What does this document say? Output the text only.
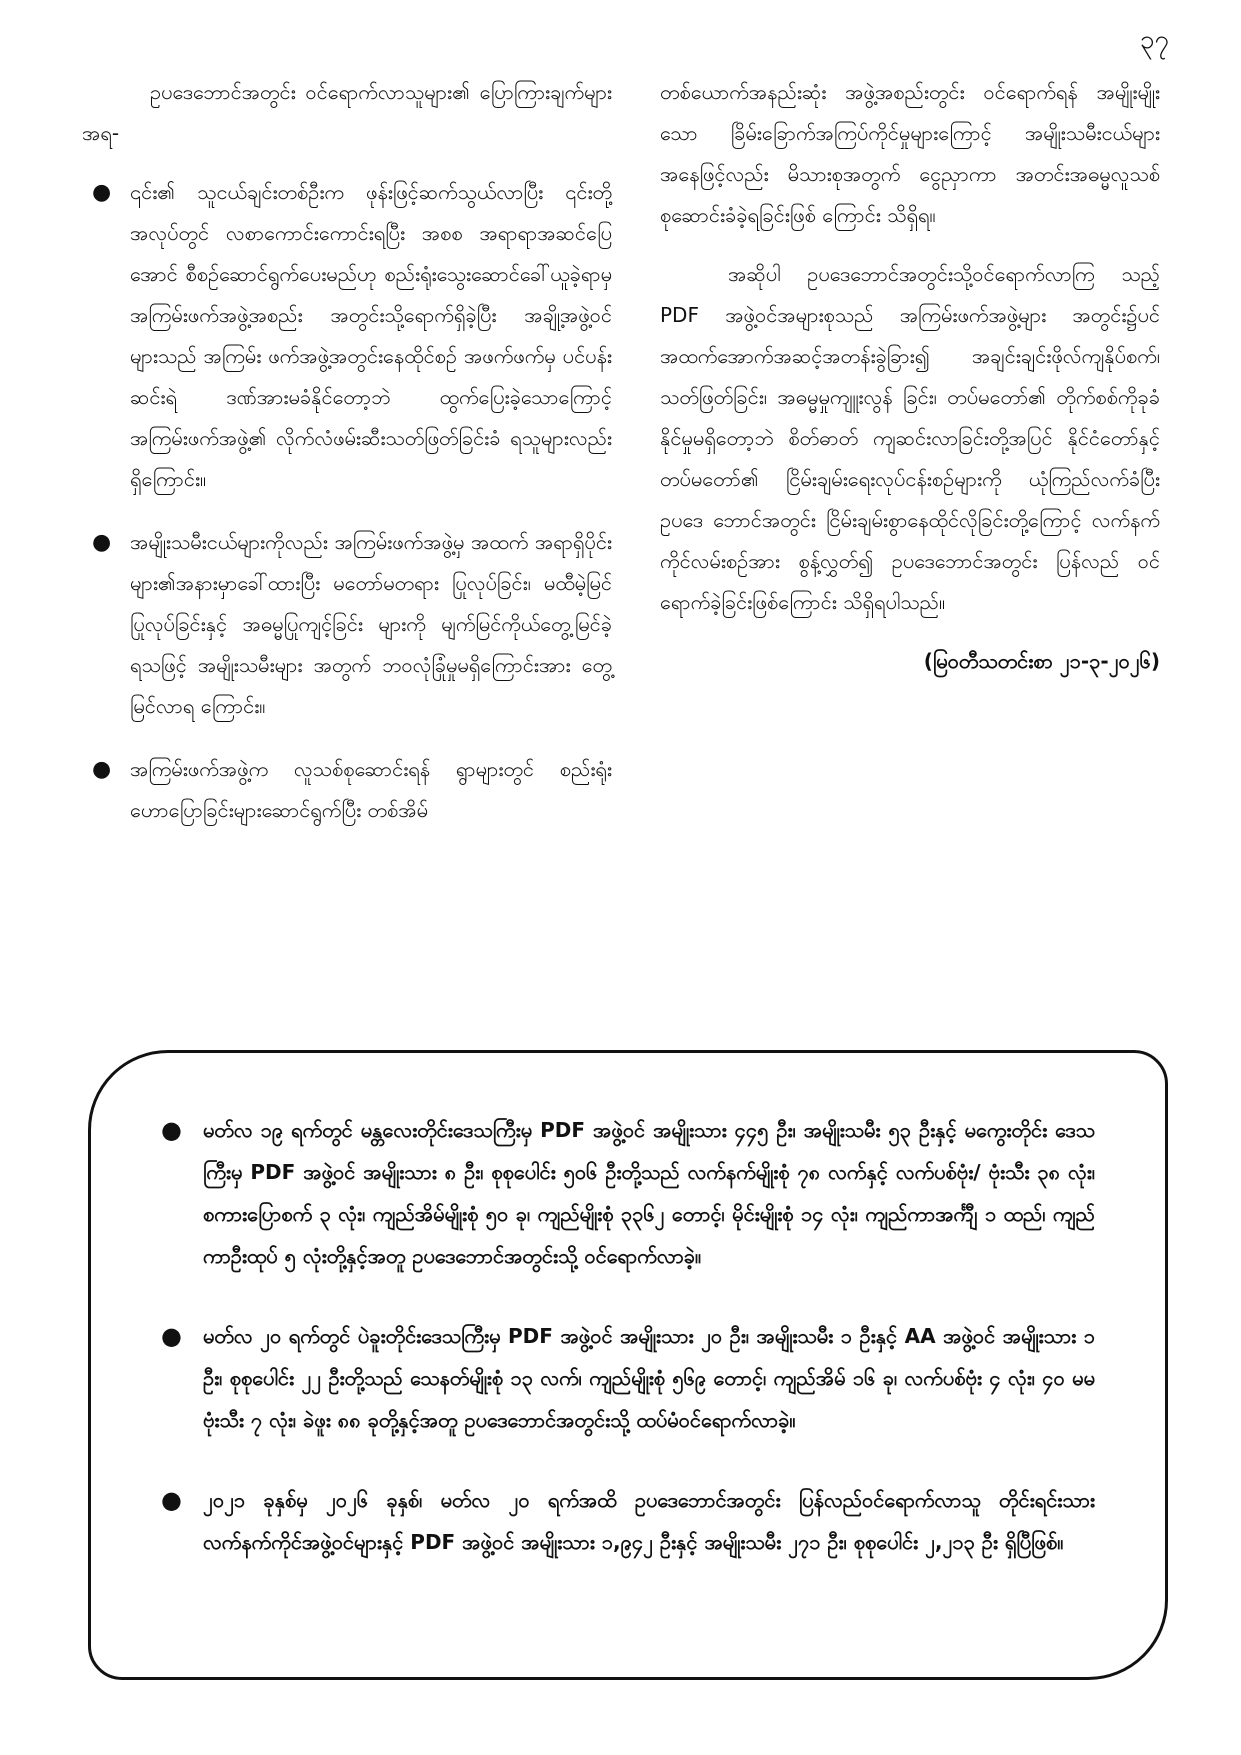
၃၇

ဥပဒေဘောင်အတွင်း ဝင်ရောက်လာသူများ၏ ပြောကြားချက်များအရ-

● ၎င်း၏ သူငယ်ချင်းတစ်ဦးက ဖုန်းဖြင့်ဆက်သွယ်လာပြီး ၎င်းတို့အလုပ်တွင် လစာကောင်းကောင်းရပြီး အစစ အရာရာအဆင်ပြေအောင် စီစဉ်ဆောင်ရွက်ပေးမည်ဟု စည်းရုံးသွေးဆောင်ခေါ်ယူခဲ့ရာမှ အကြမ်းဖက်အဖွဲ့အစည်း အတွင်းသို့ရောက်ရှိခဲ့ပြီး အချို့အဖွဲ့ဝင်များသည် အကြမ်း ဖက်အဖွဲ့အတွင်းနေထိုင်စဉ် အဖက်ဖက်မှ ပင်ပန်းဆင်းရဲ ဒဏ်အားမခံနိုင်တော့ဘဲ ထွက်ပြေးခဲ့သောကြောင့် အကြမ်းဖက်အဖွဲ့၏ လိုက်လံဖမ်းဆီးသတ်ဖြတ်ခြင်းခံ ရသူများလည်းရှိကြောင်း။
● အမျိုးသမီးငယ်များကိုလည်း အကြမ်းဖက်အဖွဲ့မှ အထက် အရာရှိပိုင်းများ၏အနားမှာခေါ်ထားပြီး မတော်မတရား ပြုလုပ်ခြင်း၊ မထီမဲ့မြင်ပြုလုပ်ခြင်းနှင့် အဓမ္မပြုကျင့်ခြင်း များကို မျက်မြင်ကိုယ်တွေ့မြင်ခဲ့ရသဖြင့် အမျိုးသမီးများ အတွက် ဘဝလုံခြုံမှုမရှိကြောင်းအား တွေ့မြင်လာရ ကြောင်း။
● အကြမ်းဖက်အဖွဲ့က လူသစ်စုဆောင်းရန် ရွာများတွင် စည်းရုံးဟောပြောခြင်းများဆောင်ရွက်ပြီး တစ်အိမ်

တစ်ယောက်အနည်းဆုံး အဖွဲ့အစည်းတွင်း ဝင်ရောက်ရန် အမျိုးမျိုးသော ခြိမ်းခြောက်အကြပ်ကိုင်မှုများကြောင့် အမျိုးသမီးငယ်များအနေဖြင့်လည်း မိသားစုအတွက် ငွေညှာကာ အတင်းအဓမ္မလူသစ်စုဆောင်းခံခဲ့ရခြင်းဖြစ် ကြောင်း သိရှိရ။

အဆိုပါ ဥပဒေဘောင်အတွင်းသို့ဝင်ရောက်လာကြ သည့် PDF အဖွဲ့ဝင်အများစုသည် အကြမ်းဖက်အဖွဲ့များ အတွင်း၌ပင် အထက်အောက်အဆင့်အတန်းခွဲခြား၍ အချင်းချင်းဖိုလ်ကျနိုပ်စက်၊ သတ်ဖြတ်ခြင်း၊ အဓမ္မမှုကျူးလွန် ခြင်း၊ တပ်မတော်၏ တိုက်စစ်ကိုခုခံနိုင်မှုမရှိတော့ဘဲ စိတ်ဓာတ် ကျဆင်းလာခြင်းတို့အပြင် နိုင်ငံတော်နှင့်တပ်မတော်၏ ငြိမ်းချမ်းရေးလုပ်ငန်းစဉ်များကို ယုံကြည်လက်ခံပြီး ဥပဒေ ဘောင်အတွင်း ငြိမ်းချမ်းစွာနေထိုင်လိုခြင်းတို့ကြောင့် လက်နက် ကိုင်လမ်းစဉ်အား စွန့်လွှတ်၍ ဥပဒေဘောင်အတွင်း ပြန်လည် ဝင်ရောက်ခဲ့ခြင်းဖြစ်ကြောင်း သိရှိရပါသည်။

(မြဝတီသတင်းစာ ၂၁-၃-၂၀၂၆)
● မတ်လ ၁၉ ရက်တွင် မန္တလေးတိုင်းဒေသကြီးမှ PDF အဖွဲ့ဝင် အမျိုးသား ၄၄၅ ဦး၊ အမျိုးသမီး ၅၃ ဦးနှင့် မကွေးတိုင်း ဒေသကြီးမှ PDF အဖွဲ့ဝင် အမျိုးသား ၈ ဦး၊ စုစုပေါင်း ၅၀၆ ဦးတို့သည် လက်နက်မျိုးစုံ ၇၈ လက်နှင့် လက်ပစ်ဗုံး/ ဗုံးသီး ၃၈ လုံး၊ စကားပြောစက် ၃ လုံး၊ ကျည်အိမ်မျိုးစုံ ၅၀ ခု၊ ကျည်မျိုးစုံ ၃၃၆၂ တောင့်၊ မိုင်းမျိုးစုံ ၁၄ လုံး၊ ကျည်ကာအင်္ကျီ ၁ ထည်၊ ကျည်ကာဦးထုပ် ၅ လုံးတို့နှင့်အတူ ဥပဒေဘောင်အတွင်းသို့ ဝင်ရောက်လာခဲ့။
● မတ်လ ၂၀ ရက်တွင် ပဲခူးတိုင်းဒေသကြီးမှ PDF အဖွဲ့ဝင် အမျိုးသား ၂၀ ဦး၊ အမျိုးသမီး ၁ ဦးနှင့် AA အဖွဲ့ဝင် အမျိုးသား ၁ ဦး၊ စုစုပေါင်း ၂၂ ဦးတို့သည် သေနတ်မျိုးစုံ ၁၃ လက်၊ ကျည်မျိုးစုံ ၅၆၉ တောင့်၊ ကျည်အိမ် ၁၆ ခု၊ လက်ပစ်ဗုံး ၄ လုံး၊ ၄၀ မမဗုံးသီး ၇ လုံး၊ ခဲဖူး ၈၈ ခုတို့နှင့်အတူ ဥပဒေဘောင်အတွင်းသို့ ထပ်မံဝင်ရောက်လာခဲ့။
● ၂၀၂၁ ခုနှစ်မှ ၂၀၂၆ ခုနှစ်၊ မတ်လ ၂၀ ရက်အထိ ဥပဒေဘောင်အတွင်း ပြန်လည်ဝင်ရောက်လာသူ တိုင်းရင်းသား လက်နက်ကိုင်အဖွဲ့ဝင်များနှင့် PDF အဖွဲ့ဝင် အမျိုးသား ၁,၉၄၂ ဦးနှင့် အမျိုးသမီး ၂၇၁ ဦး၊ စုစုပေါင်း ၂,၂၁၃ ဦး ရှိပြီဖြစ်။
